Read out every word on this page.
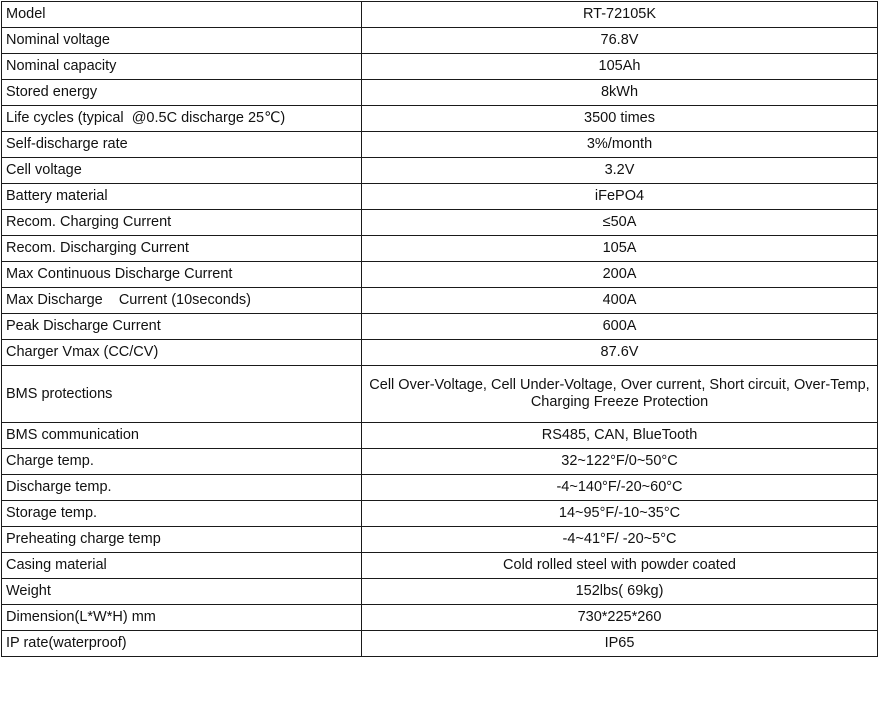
Model	RT-72105K
Nominal voltage	76.8V
Nominal capacity	105Ah
Stored energy	8kWh
Life cycles (typical  @0.5C discharge 25℃)	3500 times
Self-discharge rate	3%/month
Cell voltage	3.2V
Battery material	iFePO4
Recom. Charging Current	≤50A
Recom. Discharging Current	105A
Max Continuous Discharge Current	200A
Max Discharge    Current (10seconds)	400A
Peak Discharge Current	600A
Charger Vmax (CC/CV)	87.6V
BMS protections	Cell Over-Voltage, Cell Under-Voltage, Over current, Short circuit, Over-Temp, Charging Freeze Protection
BMS communication	RS485, CAN, BlueTooth
Charge temp.	32~122°F/0~50°C
Discharge temp.	-4~140°F/-20~60°C
Storage temp.	14~95°F/-10~35°C
Preheating charge temp	-4~41°F/ -20~5°C
Casing material	Cold rolled steel with powder coated
Weight	152lbs( 69kg)
Dimension(L*W*H) mm	730*225*260
IP rate(waterproof)	IP65
